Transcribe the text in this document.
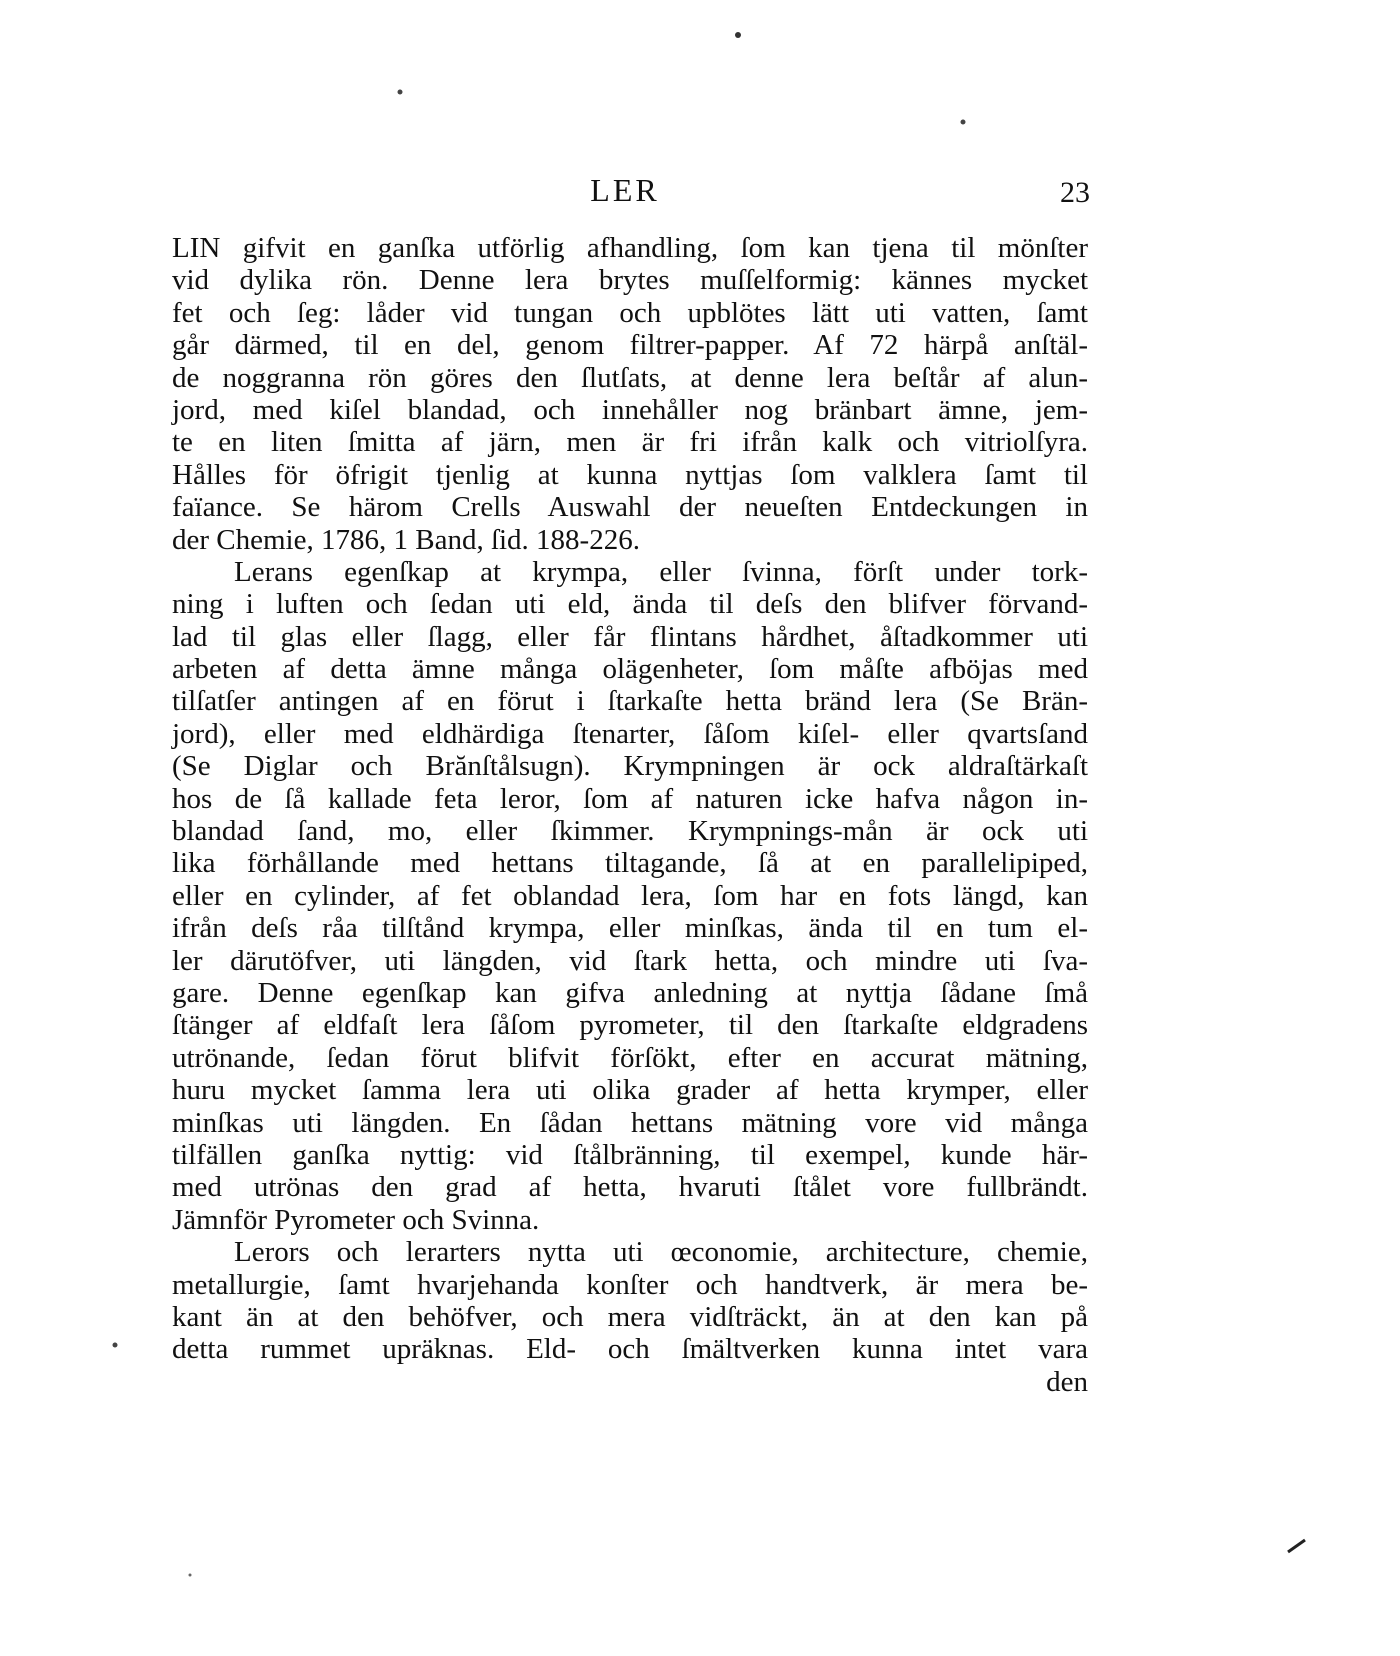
LER	23
LIN gifvit en ganſka utförlig afhandling, ſom kan tjena til mönſter
vid dylika rön. Denne lera brytes muſſelformig: kännes mycket
fet och ſeg: låder vid tungan och upblötes lätt uti vatten, ſamt
går därmed, til en del, genom filtrer-papper. Af 72 härpå anſtäl-
de noggranna rön göres den ſlutſats, at denne lera beſtår af alun-
jord, med kiſel blandad, och innehåller nog bränbart ämne, jem-
te en liten ſmitta af järn, men är fri ifrån kalk och vitriolſyra.
Hålles för öfrigit tjenlig at kunna nyttjas ſom valklera ſamt til
faïance. Se härom Crells Auswahl der neueſten Entdeckungen in
der Chemie, 1786, 1 Band, ſid. 188-226.
Lerans egenſkap at krympa, eller ſvinna, förſt under tork-
ning i luften och ſedan uti eld, ända til deſs den blifver förvand-
lad til glas eller ſlagg, eller får flintans hårdhet, åſtadkommer uti
arbeten af detta ämne många olägenheter, ſom måſte afböjas med
tilſatſer antingen af en förut i ſtarkaſte hetta bränd lera (Se Brän-
jord), eller med eldhärdiga ſtenarter, ſåſom kiſel- eller qvartsſand
(Se Diglar och Brănſtålsugn). Krympningen är ock aldraſtärkaſt
hos de ſå kallade feta leror, ſom af naturen icke hafva någon in-
blandad ſand, mo, eller ſkimmer. Krympnings-mån är ock uti
lika förhållande med hettans tiltagande, ſå at en parallelipiped,
eller en cylinder, af fet oblandad lera, ſom har en fots längd, kan
ifrån deſs råa tilſtånd krympa, eller minſkas, ända til en tum el-
ler därutöfver, uti längden, vid ſtark hetta, och mindre uti ſva-
gare. Denne egenſkap kan gifva anledning at nyttja ſådane ſmå
ſtänger af eldfaſt lera ſåſom pyrometer, til den ſtarkaſte eldgradens
utrönande, ſedan förut blifvit förſökt, efter en accurat mätning,
huru mycket ſamma lera uti olika grader af hetta krymper, eller
minſkas uti längden. En ſådan hettans mätning vore vid många
tilfällen ganſka nyttig: vid ſtålbränning, til exempel, kunde här-
med utrönas den grad af hetta, hvaruti ſtålet vore fullbrändt.
Jämnför Pyrometer och Svinna.
Lerors och lerarters nytta uti œconomie, architecture, chemie,
metallurgie, ſamt hvarjehanda konſter och handtverk, är mera be-
kant än at den behöfver, och mera vidſträckt, än at den kan på
detta rummet upräknas. Eld- och ſmältverken kunna intet vara
den
